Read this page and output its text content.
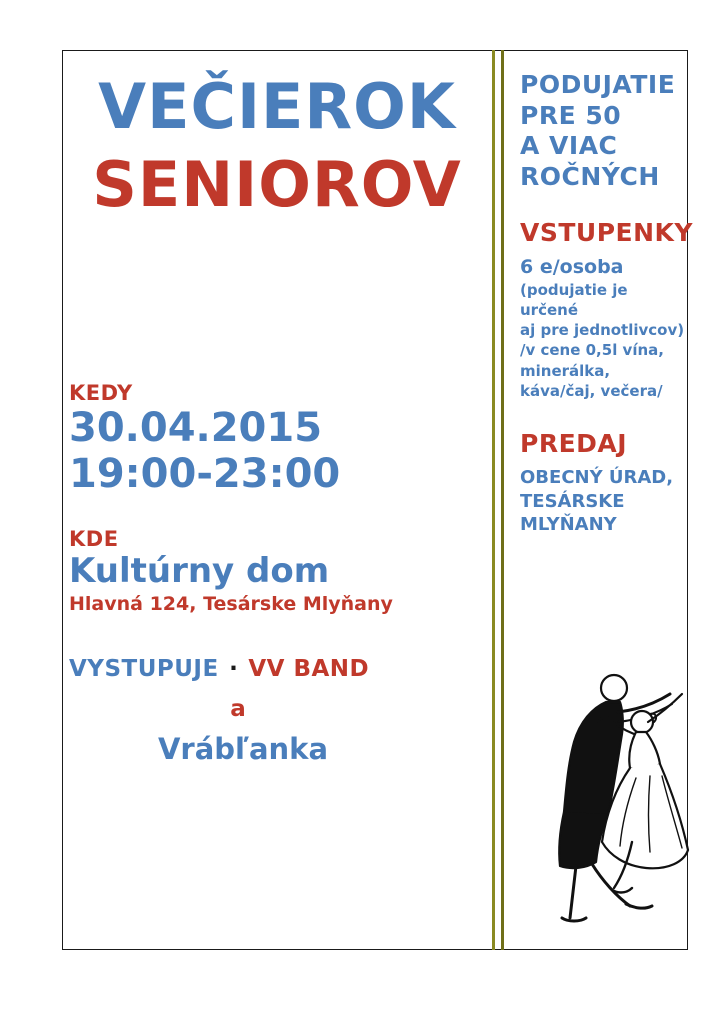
VEČIEROK
SENIOROV
KEDY
30.04.2015
19:00-23:00
KDE
Kultúrny dom
Hlavná 124, Tesárske Mlyňany
VYSTUPUJE · VV BAND
a
Vrábľanka
PODUJATIE
PRE 50
A VIAC
ROČNÝCH
VSTUPENKY
6 e/osoba
(podujatie je určené
aj pre jednotlivcov)
/v cene 0,5l vína,
minerálka,
káva/čaj, večera/
PREDAJ
OBECNÝ ÚRAD,
TESÁRSKE
MLYŇANY
